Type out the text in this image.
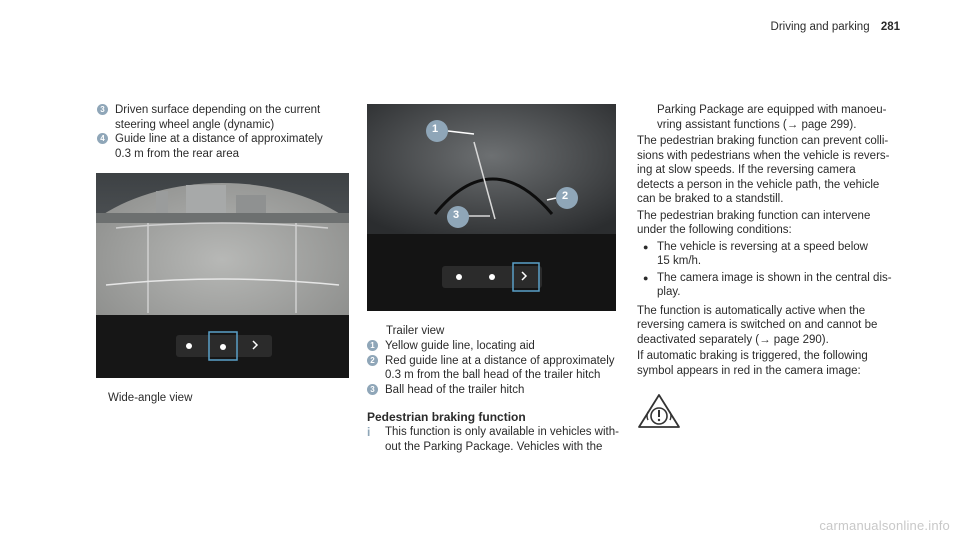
Driving and parking 281
3 Driven surface depending on the current
steering wheel angle (dynamic)
4 Guide line at a distance of approximately
0.3 m from the rear area
Wide-angle view
1
2
3
Trailer view
1 Yellow guide line, locating aid
2 Red guide line at a distance of approximately
0.3 m from the ball head of the trailer hitch
3 Ball head of the trailer hitch
Pedestrian braking function
i	This function is only available in vehicles with-
out the Parking Package. Vehicles with the
Parking Package are equipped with manoeu-
vring assistant functions (→ page 299).
The pedestrian braking function can prevent colli-
sions with pedestrians when the vehicle is revers-
ing at slow speeds. If the reversing camera
detects a person in the vehicle path, the vehicle
can be braked to a standstill.
The pedestrian braking function can intervene
under the following conditions:
● The vehicle is reversing at a speed below
15 km/h.
● The camera image is shown in the central dis-
play.
The function is automatically active when the
reversing camera is switched on and cannot be
deactivated separately (→ page 290).
If automatic braking is triggered, the following
symbol appears in red in the camera image:
carmanualsonline.info
